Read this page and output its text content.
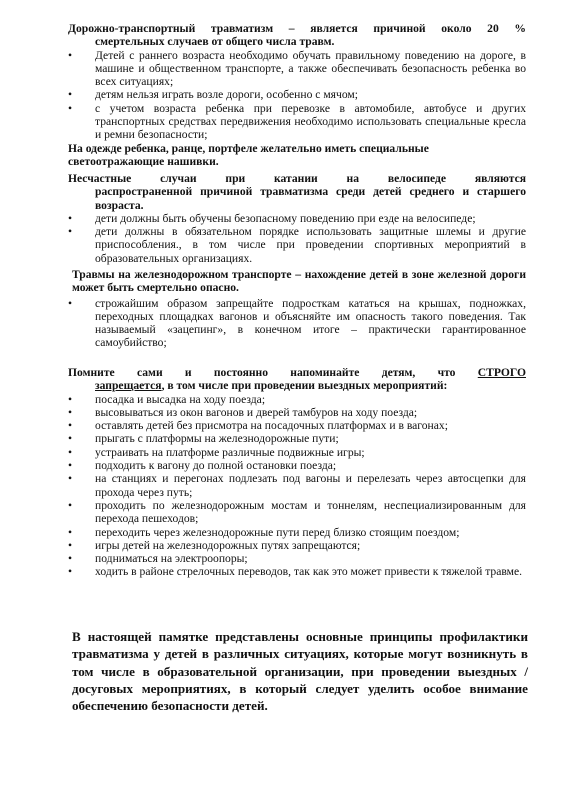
Дорожно-транспортный травматизм – является причиной около 20 %
смертельных случаев от общего числа травм.
•	Детей с раннего возраста необходимо обучать правильному поведению на дороге, в машине и общественном транспорте, а также обеспечивать безопасность ребенка во всех ситуациях;
•	детям нельзя играть возле дороги, особенно с мячом;
•	с учетом возраста ребенка при перевозке в автомобиле, автобусе и других транспортных средствах передвижения необходимо использовать специальные кресла и ремни безопасности;
На одежде ребенка, ранце, портфеле желательно иметь специальные светоотражающие нашивки.
Несчастные случаи при катании на велосипеде являются
распространенной причиной травматизма среди детей среднего и старшего возраста.
•	дети должны быть обучены безопасному поведению при езде на велосипеде;
•	дети должны в обязательном порядке использовать защитные шлемы и другие приспособления., в том числе при проведении спортивных мероприятий в образовательных организациях.
Травмы на железнодорожном транспорте – нахождение детей в зоне железной дороги может быть смертельно опасно.
•	строжайшим образом запрещайте подросткам кататься на крышах, подножках, переходных площадках вагонов и объясняйте им опасность такого поведения. Так называемый «зацепинг», в конечном итоге – практически гарантированное самоубийство;
Помните сами и постоянно напоминайте детям, что СТРОГО
запрещается, в том числе при проведении выездных мероприятий:
•	посадка и высадка на ходу поезда;
•	высовываться из окон вагонов и дверей тамбуров на ходу поезда;
•	оставлять детей без присмотра на посадочных платформах и в вагонах;
•	прыгать с платформы на железнодорожные пути;
•	устраивать на платформе различные подвижные игры;
•	подходить к вагону до полной остановки поезда;
•	на станциях и перегонах подлезать под вагоны и перелезать через автосцепки для прохода через путь;
•	проходить по железнодорожным мостам и тоннелям, неспециализированным для перехода пешеходов;
•	переходить через железнодорожные пути перед близко стоящим поездом;
•	игры детей на железнодорожных путях запрещаются;
•	подниматься на электроопоры;
•	ходить в районе стрелочных переводов, так как это может привести к тяжелой травме.
В настоящей памятке представлены основные принципы профилактики травматизма у детей в различных ситуациях, которые могут возникнуть в том числе в образовательной организации, при проведении выездных /досуговых мероприятиях, в который следует уделить особое внимание обеспечению безопасности детей.
